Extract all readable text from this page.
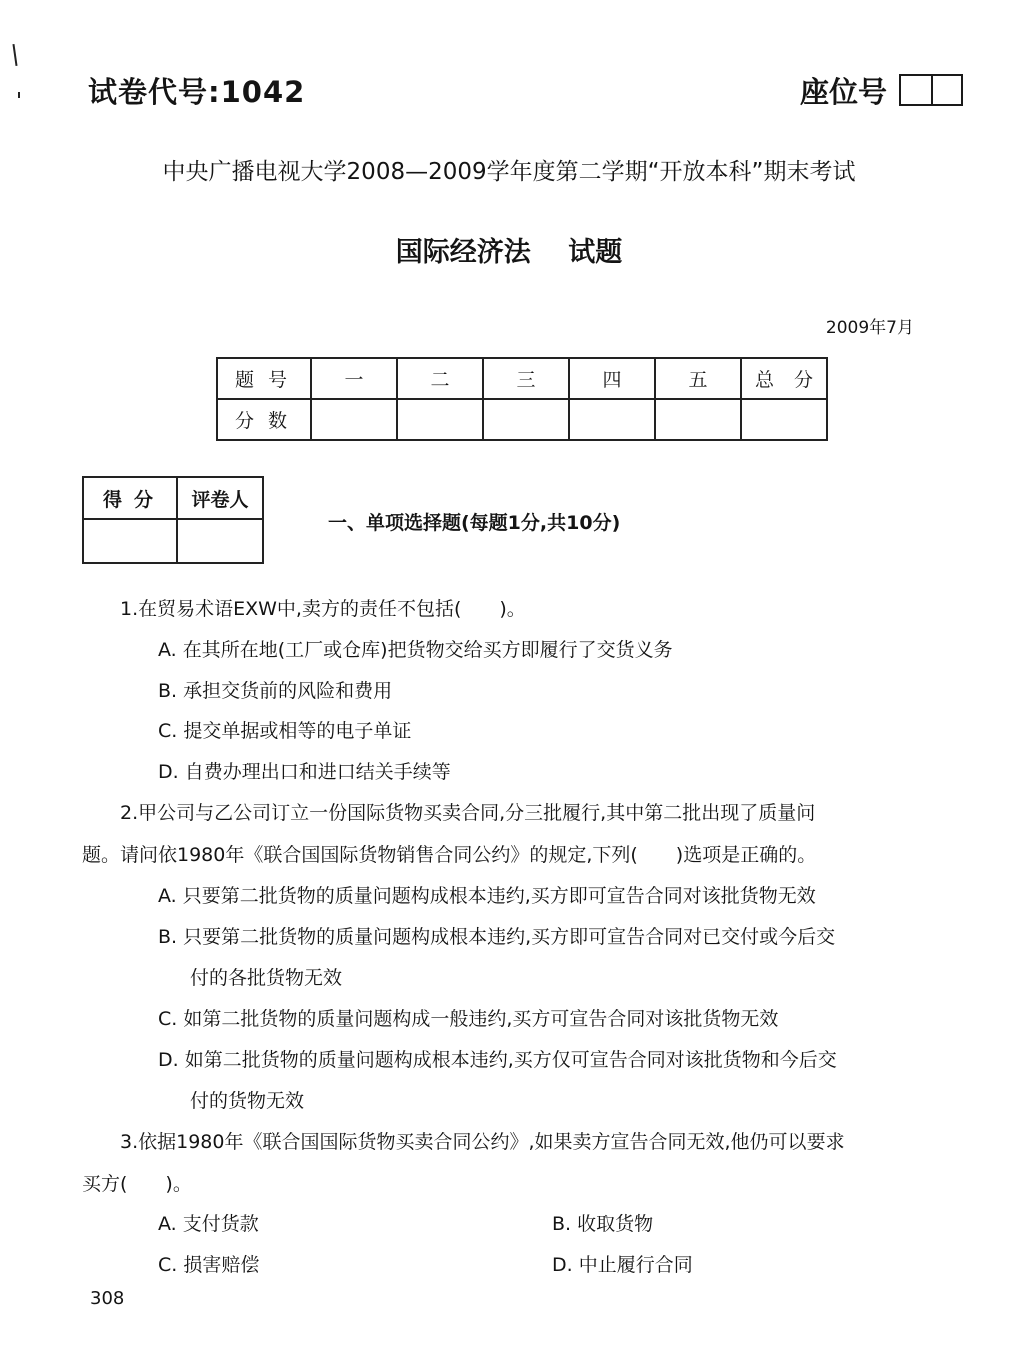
试卷代号:1042	座位号
中央广播电视大学2008—2009学年度第二学期“开放本科”期末考试
国际经济法 试题
2009年7月
题号	一	二	三	四	五	总 分
分数						
得分	评卷人

一、单项选择题(每题1分,共10分)
1.在贸易术语EXW中,卖方的责任不包括(　　)。
A. 在其所在地(工厂或仓库)把货物交给买方即履行了交货义务
B. 承担交货前的风险和费用
C. 提交单据或相等的电子单证
D. 自费办理出口和进口结关手续等
2.甲公司与乙公司订立一份国际货物买卖合同,分三批履行,其中第二批出现了质量问
题。请问依1980年《联合国国际货物销售合同公约》的规定,下列(　　)选项是正确的。
A. 只要第二批货物的质量问题构成根本违约,买方即可宣告合同对该批货物无效
B. 只要第二批货物的质量问题构成根本违约,买方即可宣告合同对已交付或今后交
付的各批货物无效
C. 如第二批货物的质量问题构成一般违约,买方可宣告合同对该批货物无效
D. 如第二批货物的质量问题构成根本违约,买方仅可宣告合同对该批货物和今后交
付的货物无效
3.依据1980年《联合国国际货物买卖合同公约》,如果卖方宣告合同无效,他仍可以要求
买方(　　)。
A. 支付货款	B. 收取货物
C. 损害赔偿	D. 中止履行合同
308
